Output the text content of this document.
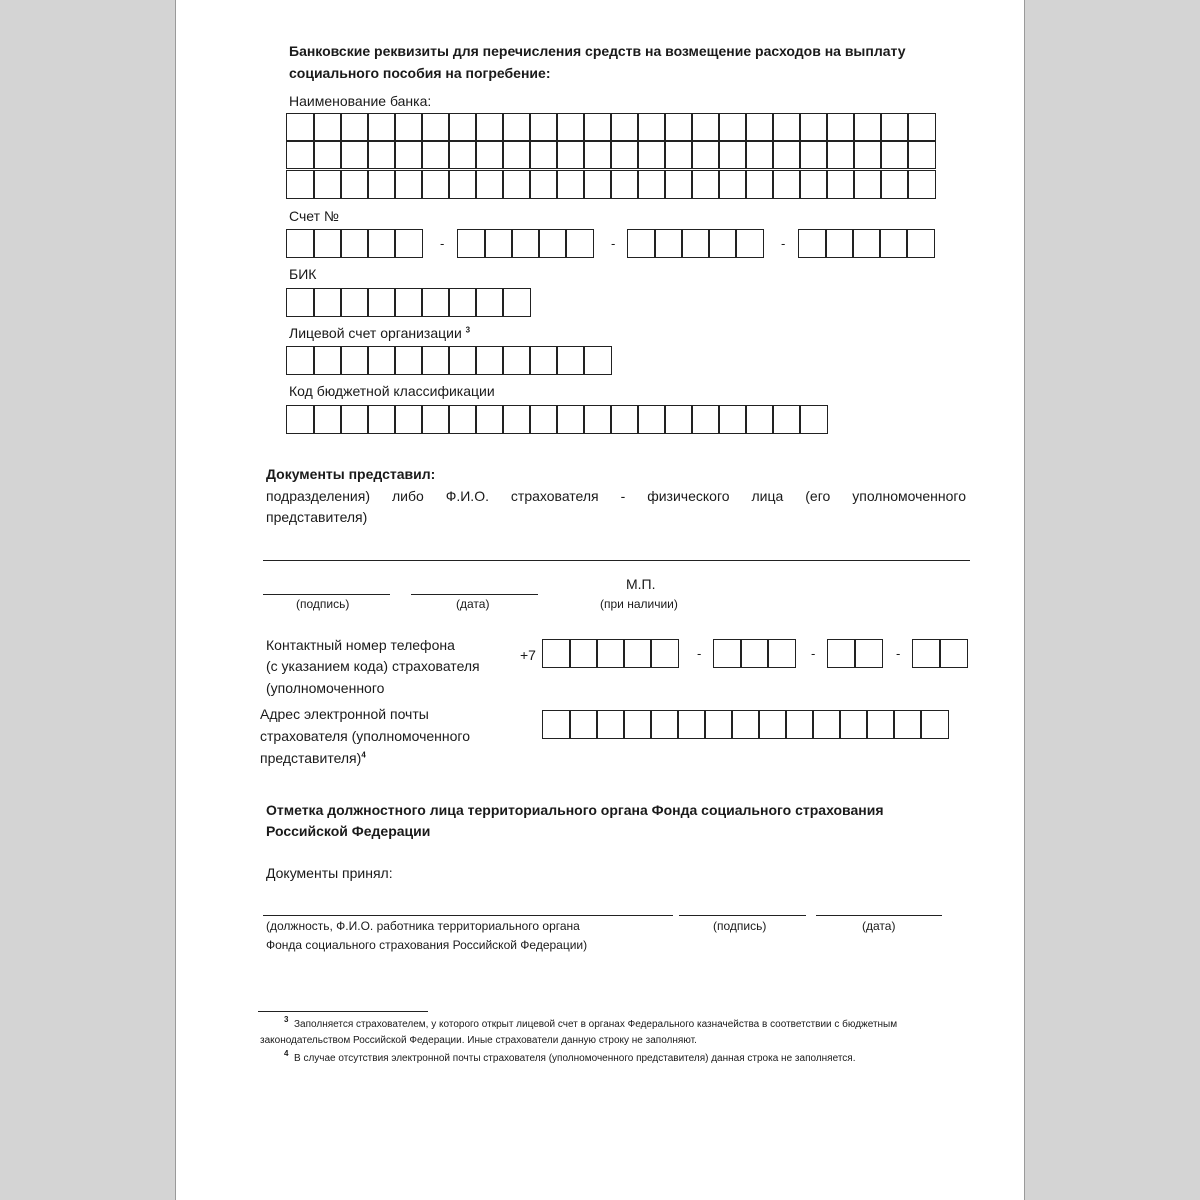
Банковские реквизиты для перечисления средств на возмещение расходов на выплату
социального пособия на погребение:
Наименование банка:
Счет №
-	-	-
БИК
Лицевой счет организации $^3$
Код бюджетной классификации
Документы представил:
подразделения) либо Ф.И.О. страхователя - физического лица (его уполномоченного
представителя)
(подпись)	(дата)
М.П.
(при наличии)
Контактный номер телефона
(с указанием кода) страхователя
(уполномоченного
+7	-	-	-
Адрес электронной почты
страхователя (уполномоченного
представителя)$^4$
Отметка должностного лица территориального органа Фонда социального страхования
Российской Федерации
Документы принял:
(должность, Ф.И.О. работника территориального органа
Фонда социального страхования Российской Федерации)
(подпись)	(дата)
$^3$ Заполняется страхователем, у которого открыт лицевой счет в органах Федерального казначейства в соответствии с бюджетным
законодательством Российской Федерации. Иные страхователи данную строку не заполняют.
$^4$ В случае отсутствия электронной почты страхователя (уполномоченного представителя) данная строка не заполняется.
